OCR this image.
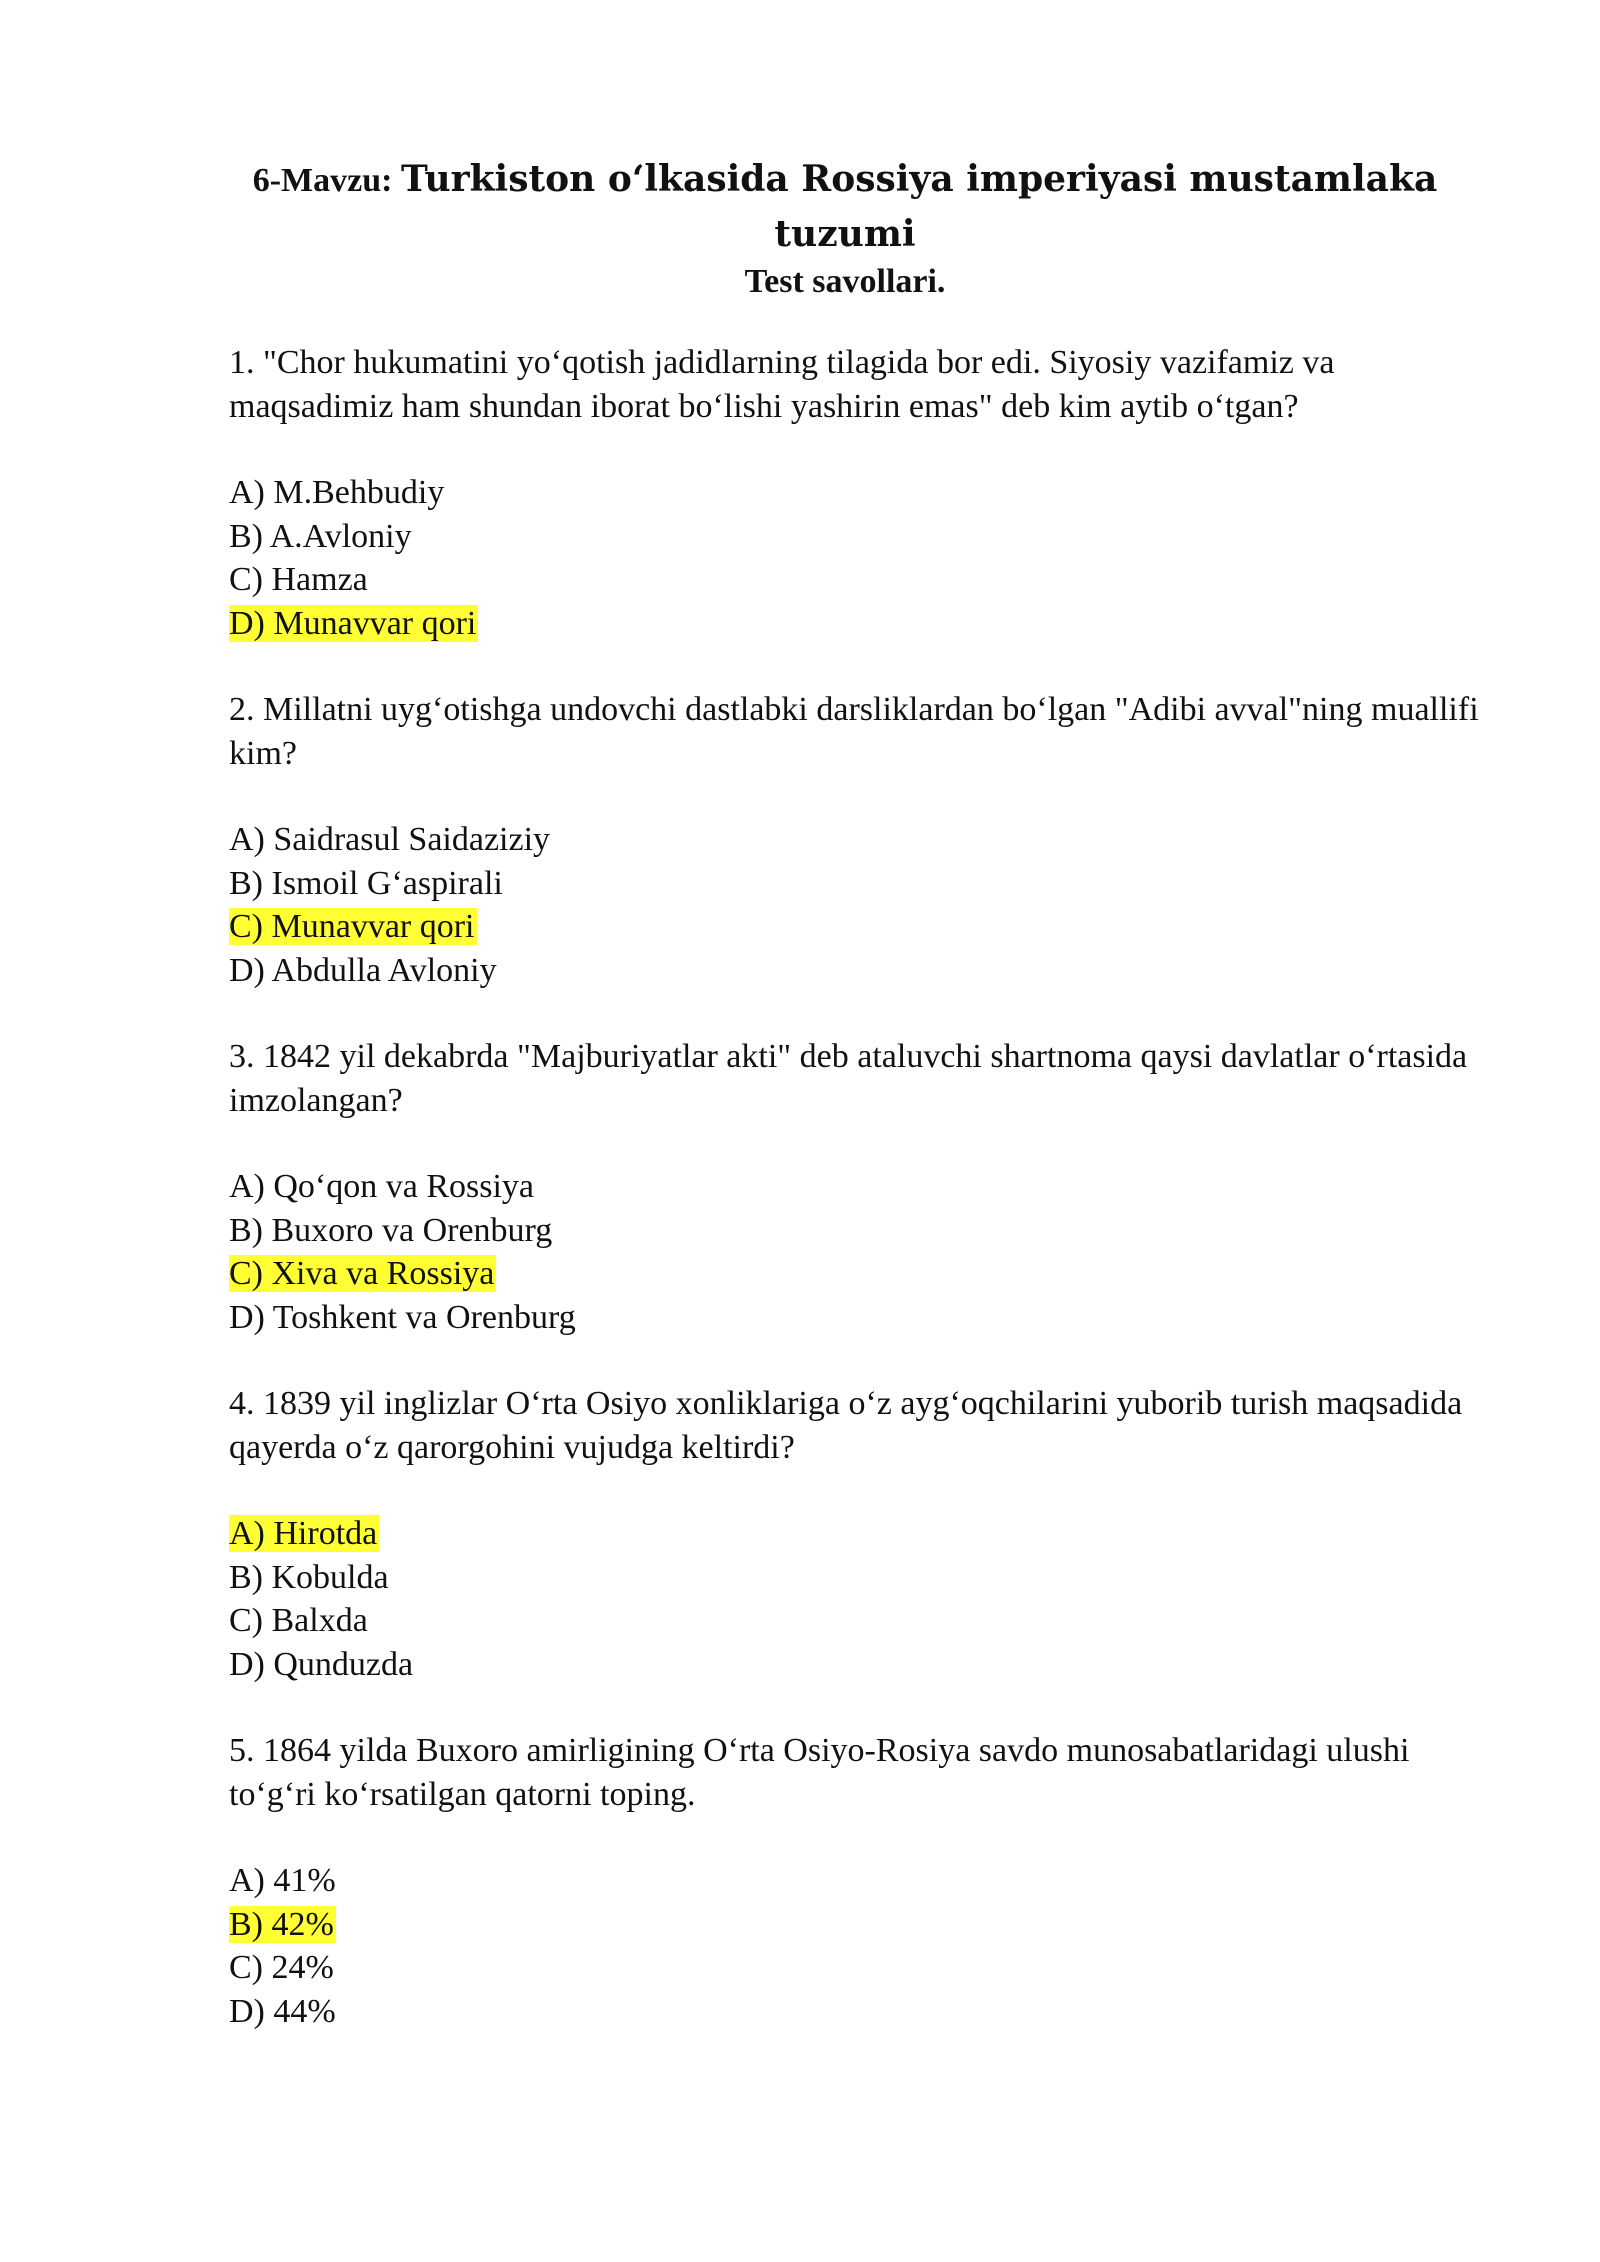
6-Mavzu: Turkiston o‘lkasida Rossiya imperiyasi mustamlaka tuzumi
Test savollari.
1. "Chor hukumatini yo‘qotish jadidlarning tilagida bor edi. Siyosiy vazifamiz va maqsadimiz ham shundan iborat bo‘lishi yashirin emas" deb kim aytib o‘tgan?
A) M.Behbudiy
B) A.Avloniy
C) Hamza
D) Munavvar qori
2. Millatni uyg‘otishga undovchi dastlabki darsliklardan bo‘lgan "Adibi avval"ning muallifi kim?
A) Saidrasul Saidaziziy
B) Ismoil G‘aspirali
C) Munavvar qori
D) Abdulla Avloniy
3. 1842 yil dekabrda "Majburiyatlar akti" deb ataluvchi shartnoma qaysi davlatlar o‘rtasida imzolangan?
A) Qo‘qon va Rossiya
B) Buxoro va Orenburg
C) Xiva va Rossiya
D) Toshkent va Orenburg
4. 1839 yil inglizlar O‘rta Osiyo xonliklariga o‘z ayg‘oqchilarini yuborib turish maqsadida qayerda o‘z qarorgohini vujudga keltirdi?
A) Hirotda
B) Kobulda
C) Balxda
D) Qunduzda
5. 1864 yilda Buxoro amirligining O‘rta Osiyo-Rosiya savdo munosabatlaridagi ulushi to‘g‘ri ko‘rsatilgan qatorni toping.
A) 41%
B) 42%
C) 24%
D) 44%
